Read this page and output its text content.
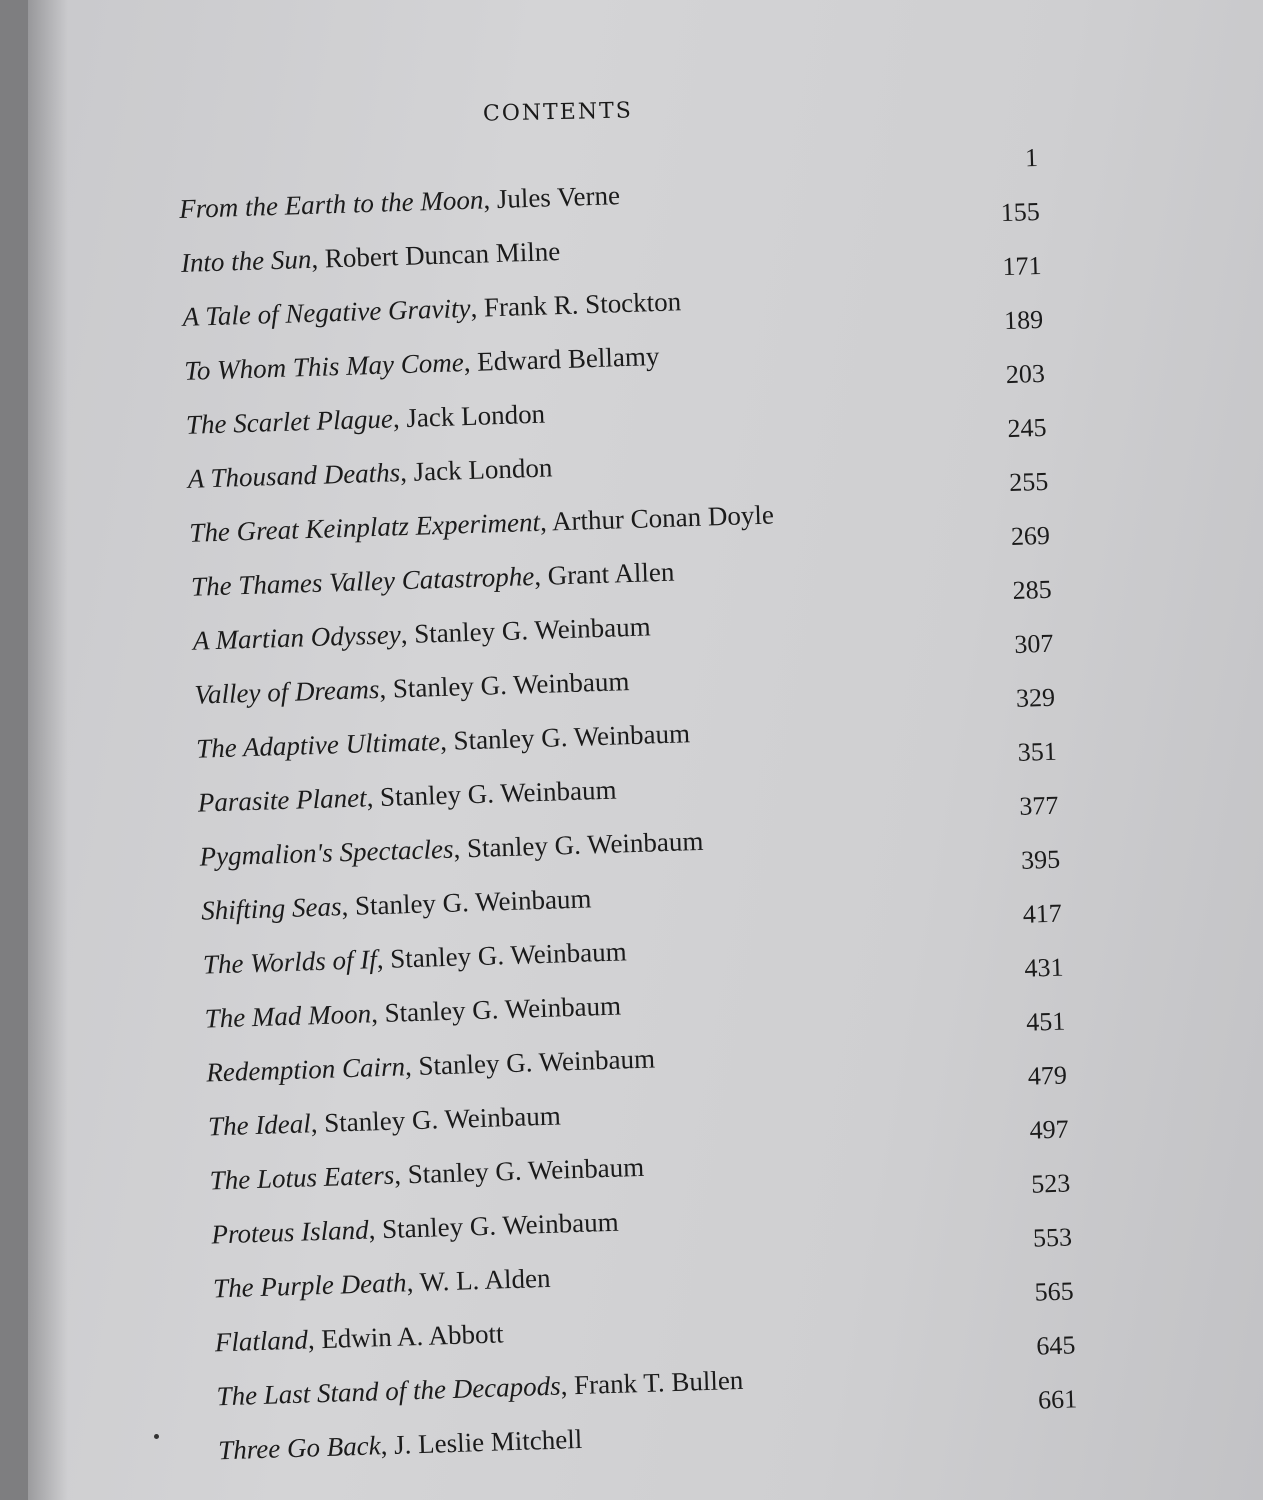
CONTENTS
From the Earth to the Moon, Jules Verne
1
Into the Sun, Robert Duncan Milne
155
A Tale of Negative Gravity, Frank R. Stockton
171
To Whom This May Come, Edward Bellamy
189
The Scarlet Plague, Jack London
203
A Thousand Deaths, Jack London
245
The Great Keinplatz Experiment, Arthur Conan Doyle
255
The Thames Valley Catastrophe, Grant Allen
269
A Martian Odyssey, Stanley G. Weinbaum
285
Valley of Dreams, Stanley G. Weinbaum
307
The Adaptive Ultimate, Stanley G. Weinbaum
329
Parasite Planet, Stanley G. Weinbaum
351
Pygmalion's Spectacles, Stanley G. Weinbaum
377
Shifting Seas, Stanley G. Weinbaum
395
The Worlds of If, Stanley G. Weinbaum
417
The Mad Moon, Stanley G. Weinbaum
431
Redemption Cairn, Stanley G. Weinbaum
451
The Ideal, Stanley G. Weinbaum
479
The Lotus Eaters, Stanley G. Weinbaum
497
Proteus Island, Stanley G. Weinbaum
523
The Purple Death, W. L. Alden
553
Flatland, Edwin A. Abbott
565
The Last Stand of the Decapods, Frank T. Bullen
645
Three Go Back, J. Leslie Mitchell
661
